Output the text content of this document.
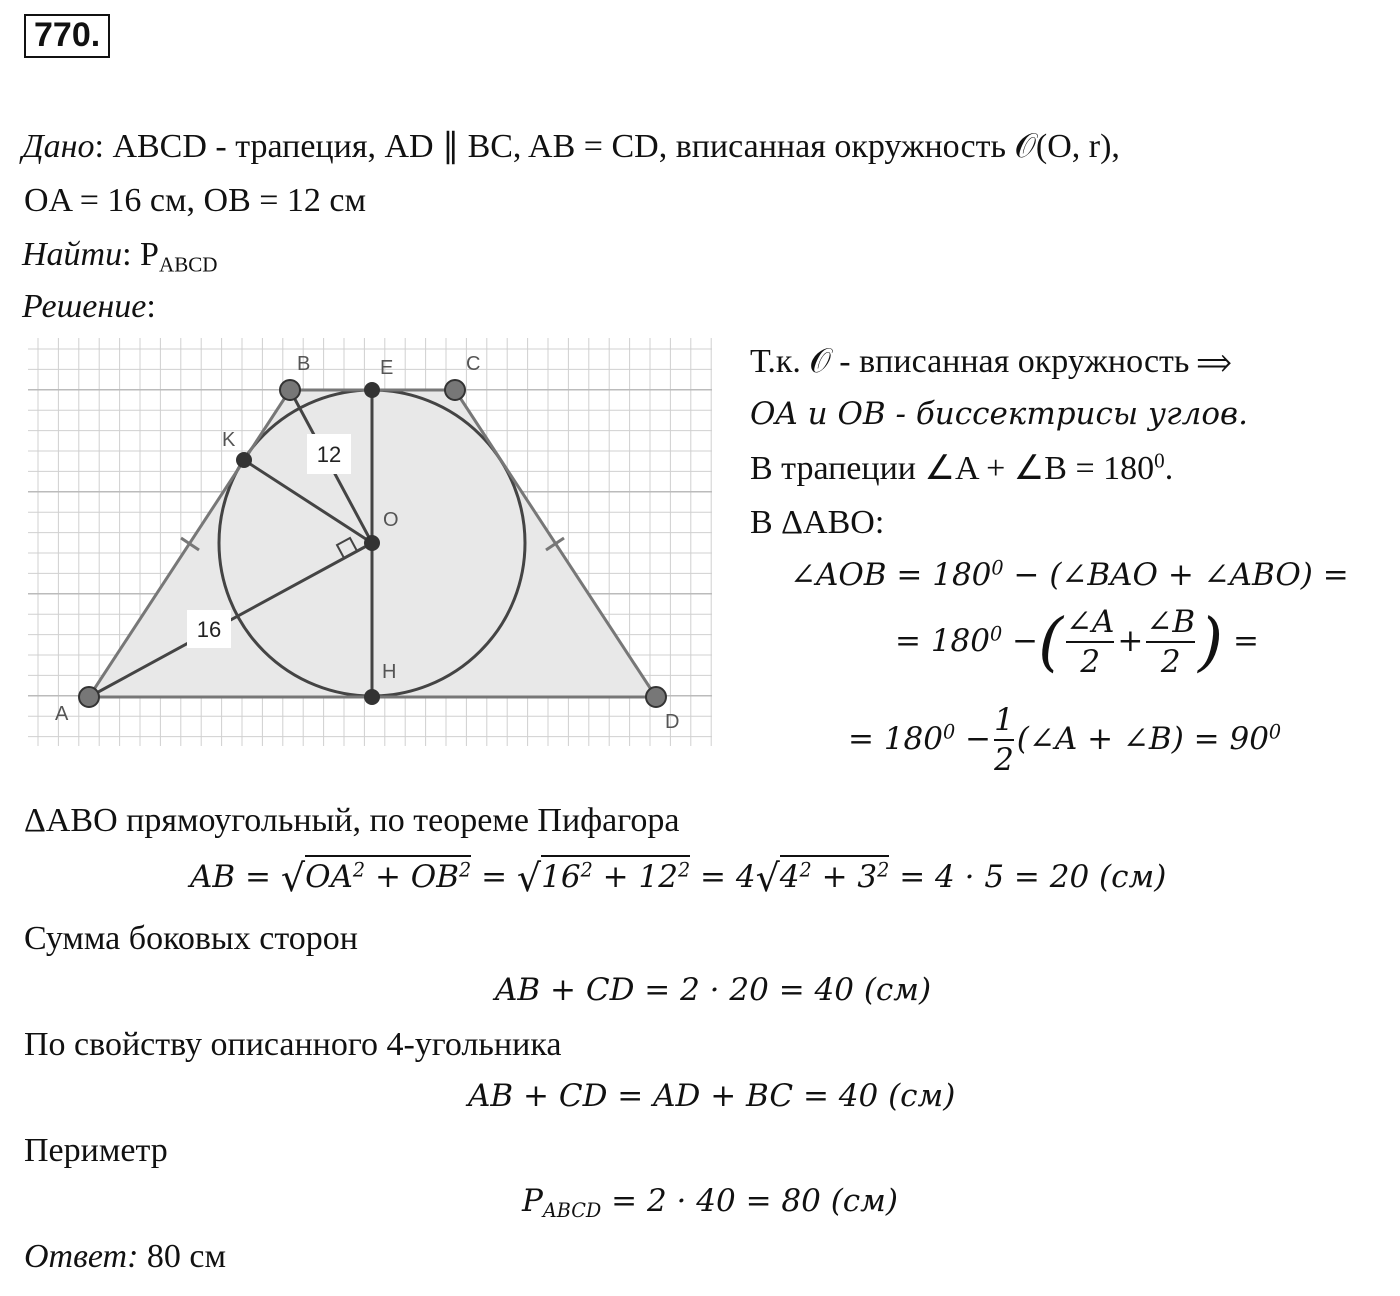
770.
Дано: ABCD - трапеция, AD ∥ BC, AB = CD, вписанная окружность 𝒪(O, r),
OA = 16 см, OB = 12 см
Найти: $P_{ABCD}$
Решение:
12
16
A
B	C
D
E
K
O
H
Т.к. 𝒪 - вписанная окружность ⟹
OA и OB - биссектрисы углов.
В трапеции ∠A + ∠B = $180^0$.
В ΔABO:
∠AOB = $180^0$ − (∠BAO + ∠ABO) =
= $180^0$ −( $\frac{\angle A}{2} + \frac{\angle B}{2}$ ) =
= $180^0 - \frac{1}{2}$ (∠A + ∠B) = $90^0$
ΔABO прямоугольный, по теореме Пифагора
AB = $√OA^2 + OB^2 = √16^2 + 12^2 = 4√4^2 + 3^2 = 4 \cdot 5 = 20$ (см)
Сумма боковых сторон
AB + CD = 2 · 20 = 40 (см)
По свойству описанного 4-угольника
AB + CD = AD + BC = 40 (см)
Периметр
$P_{ABCD} = 2 \cdot 40 = 80$ (см)
Ответ: 80 см
